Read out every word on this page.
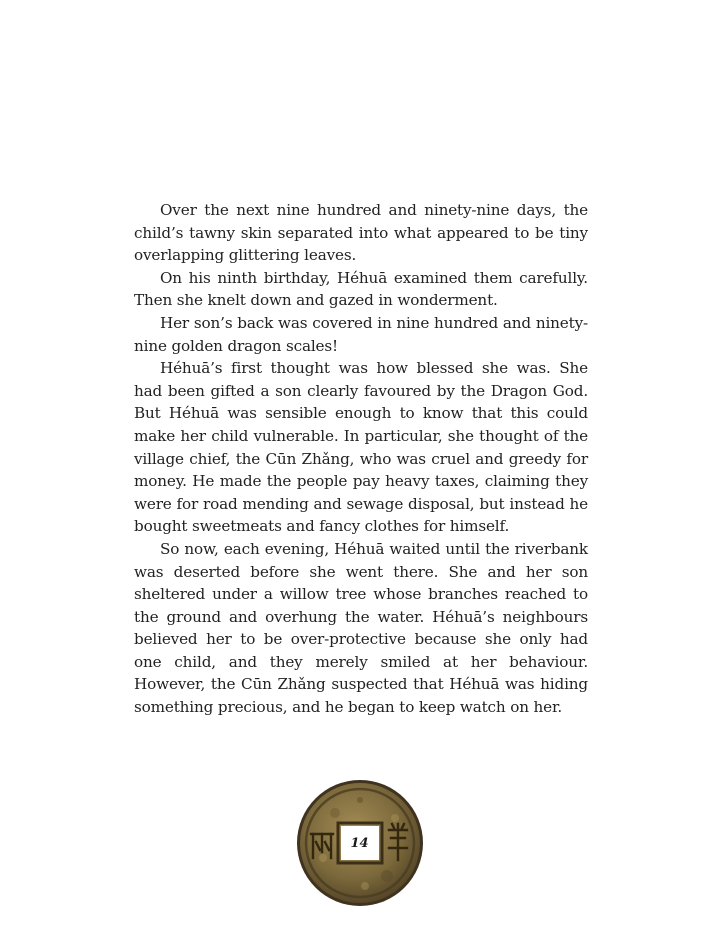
Over the next nine hundred and ninety-nine days, the child’s tawny skin separated into what appeared to be tiny overlapping glittering leaves.

On his ninth birthday, Héhuā examined them carefully. Then she knelt down and gazed in wonderment.

Her son’s back was covered in nine hundred and ninety-nine golden dragon scales!

Héhuā’s first thought was how blessed she was. She had been gifted a son clearly favoured by the Dragon God. But Héhuā was sensible enough to know that this could make her child vulnerable. In particular, she thought of the village chief, the Cūn Zhǎng, who was cruel and greedy for money. He made the people pay heavy taxes, claiming they were for road mending and sewage disposal, but instead he bought sweetmeats and fancy clothes for himself.

So now, each evening, Héhuā waited until the riverbank was deserted before she went there. She and her son sheltered under a willow tree whose branches reached to the ground and overhung the water. Héhuā’s neighbours believed her to be over-protective because she only had one child, and they merely smiled at her behaviour. However, the Cūn Zhǎng suspected that Héhuā was hiding something precious, and he began to keep watch on her.

14
